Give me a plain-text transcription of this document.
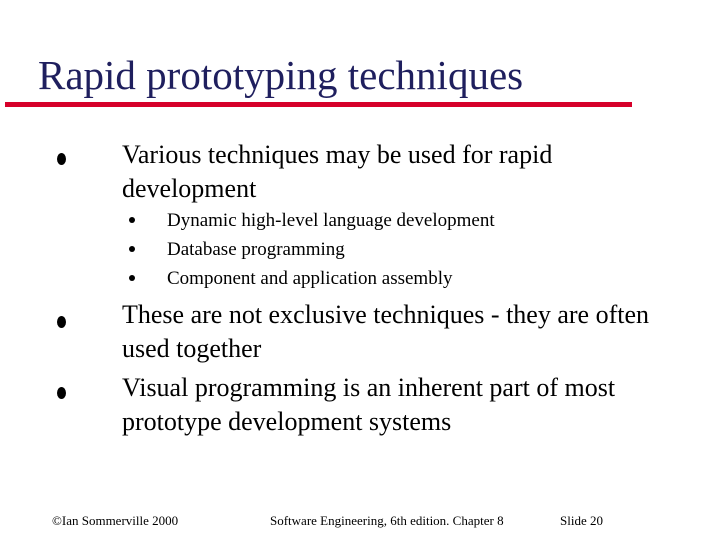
Rapid prototyping techniques
Various techniques may be used for rapid development
Dynamic high-level language development
Database programming
Component and application assembly
These are not exclusive techniques - they are often used together
Visual programming is an inherent part of most prototype development systems
©Ian Sommerville 2000	Software Engineering, 6th edition. Chapter 8	Slide 20
